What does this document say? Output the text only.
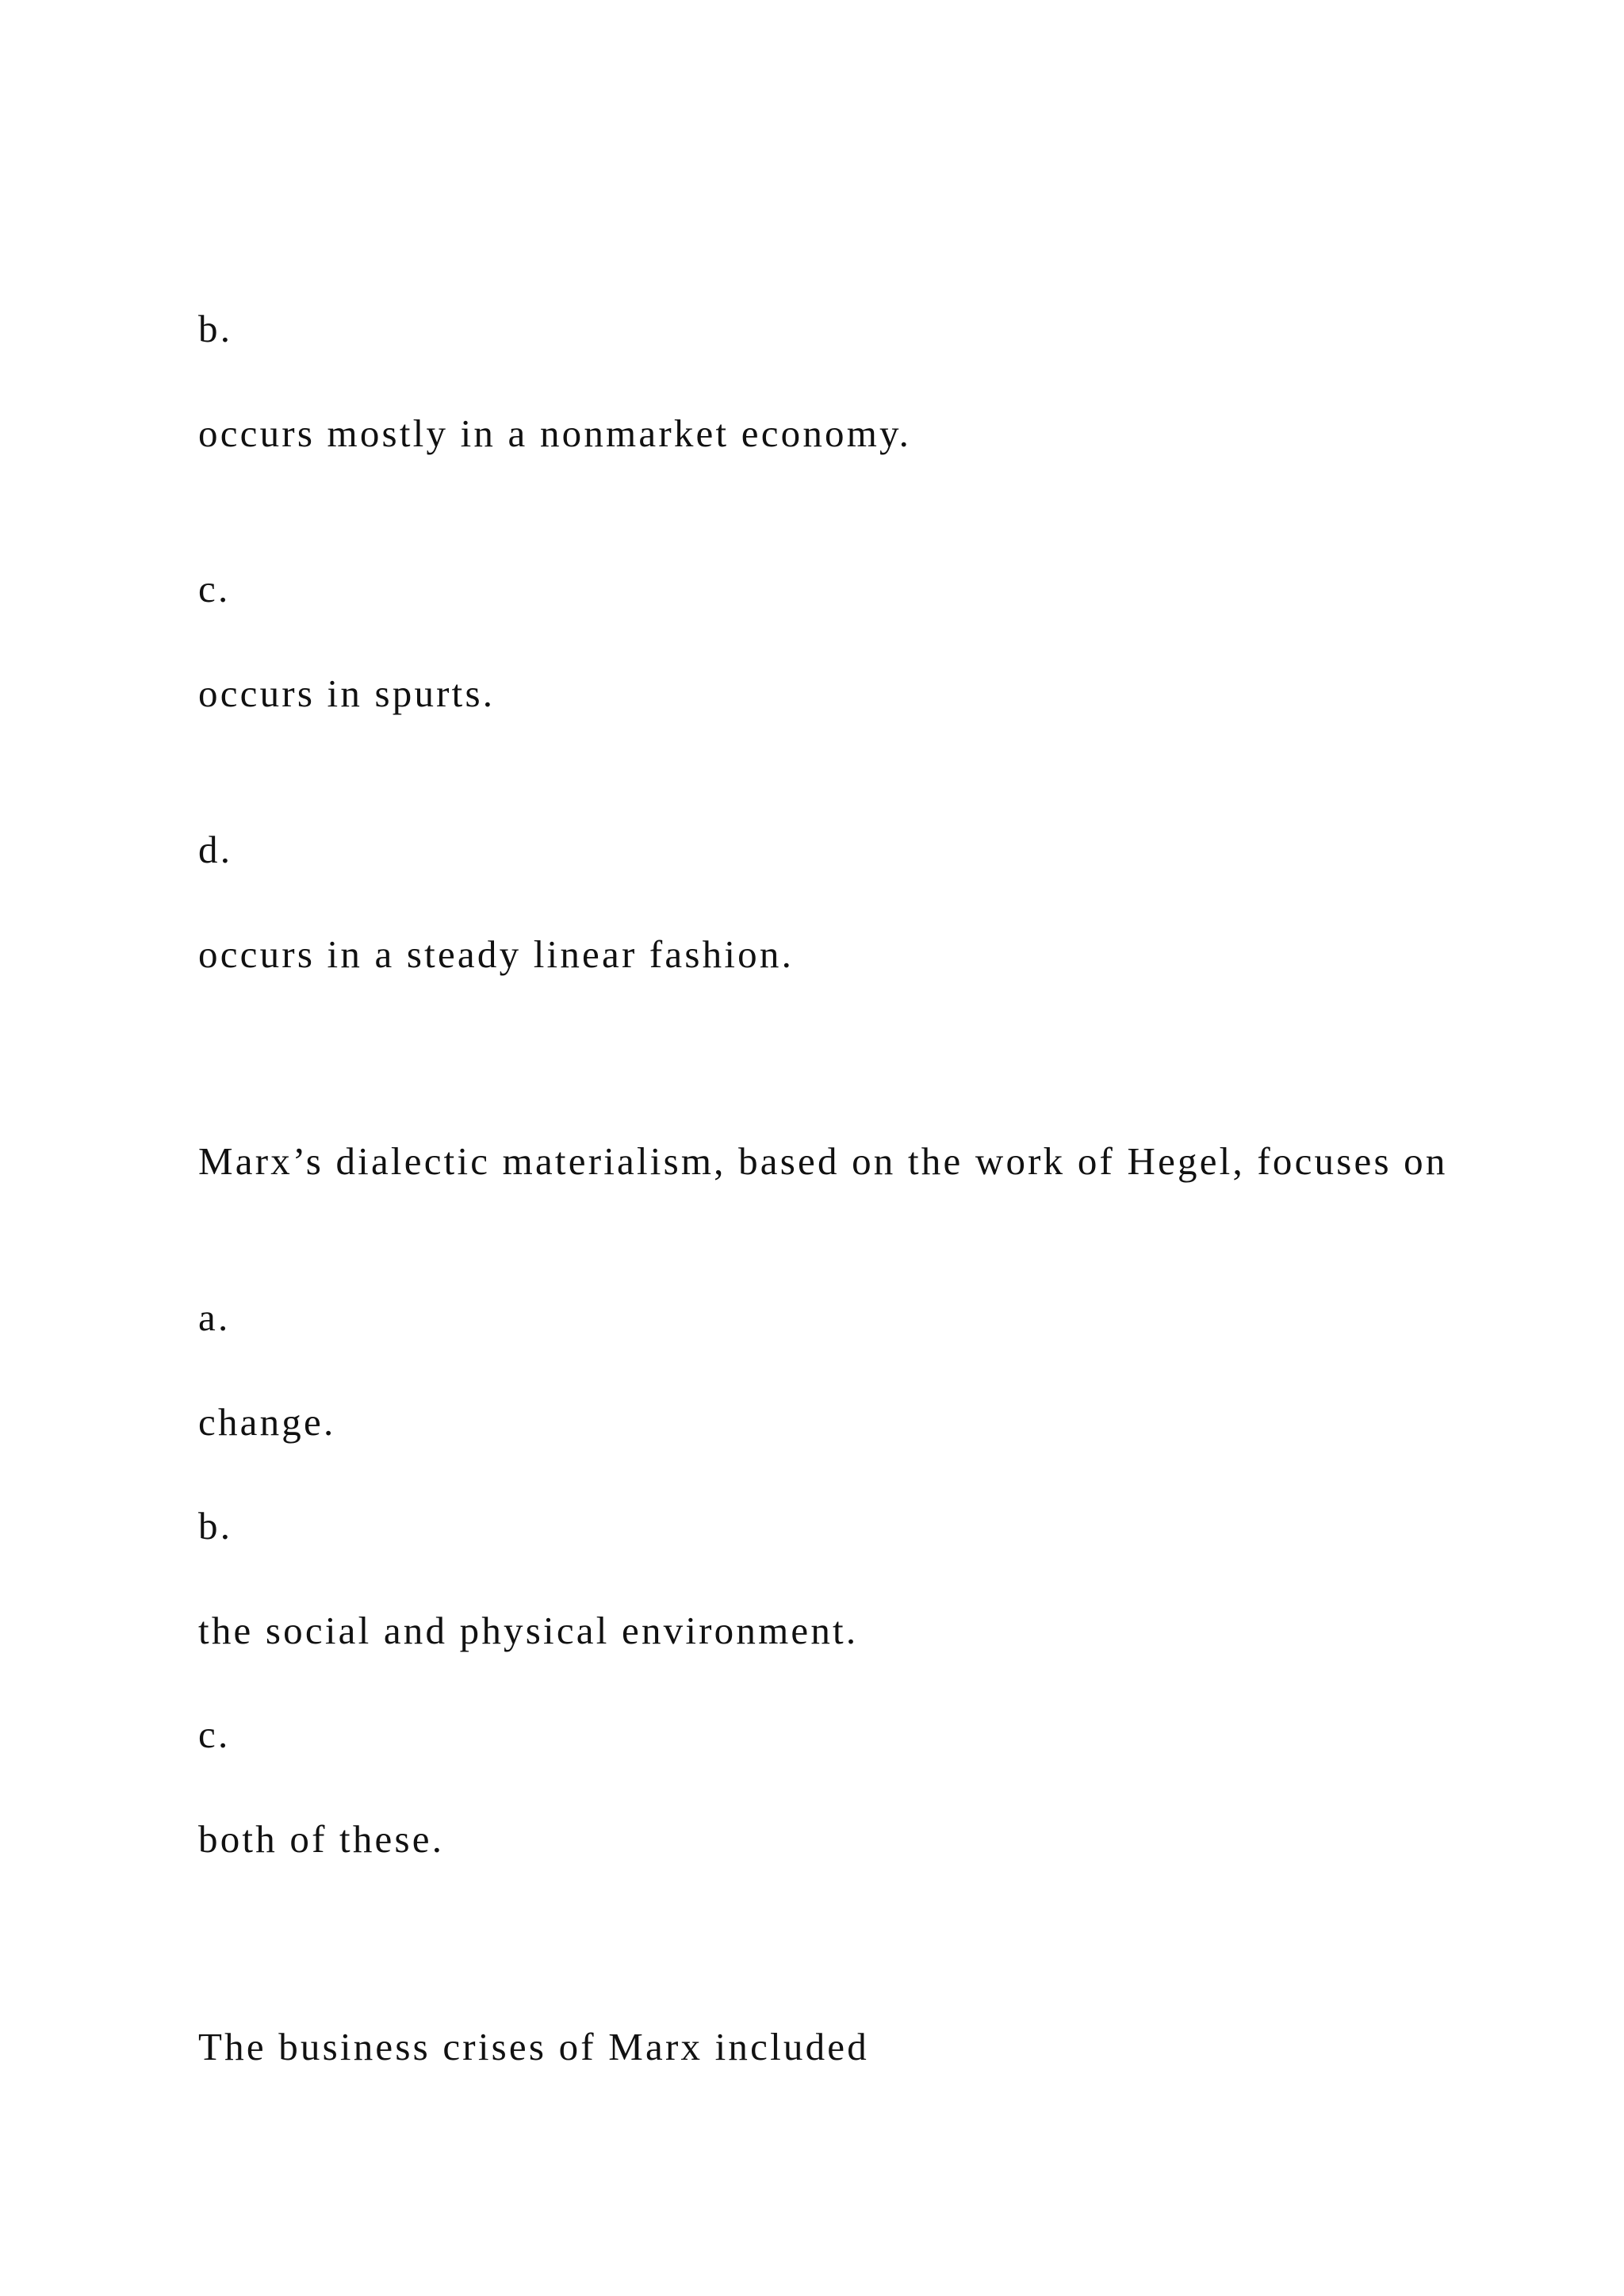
b.

occurs mostly in a nonmarket economy.

c.

occurs in spurts.

d.

occurs in a steady linear fashion.

Marx’s dialectic materialism, based on the work of Hegel, focuses on

a.

change.

b.

the social and physical environment.

c.

both of these.

The business crises of Marx included
